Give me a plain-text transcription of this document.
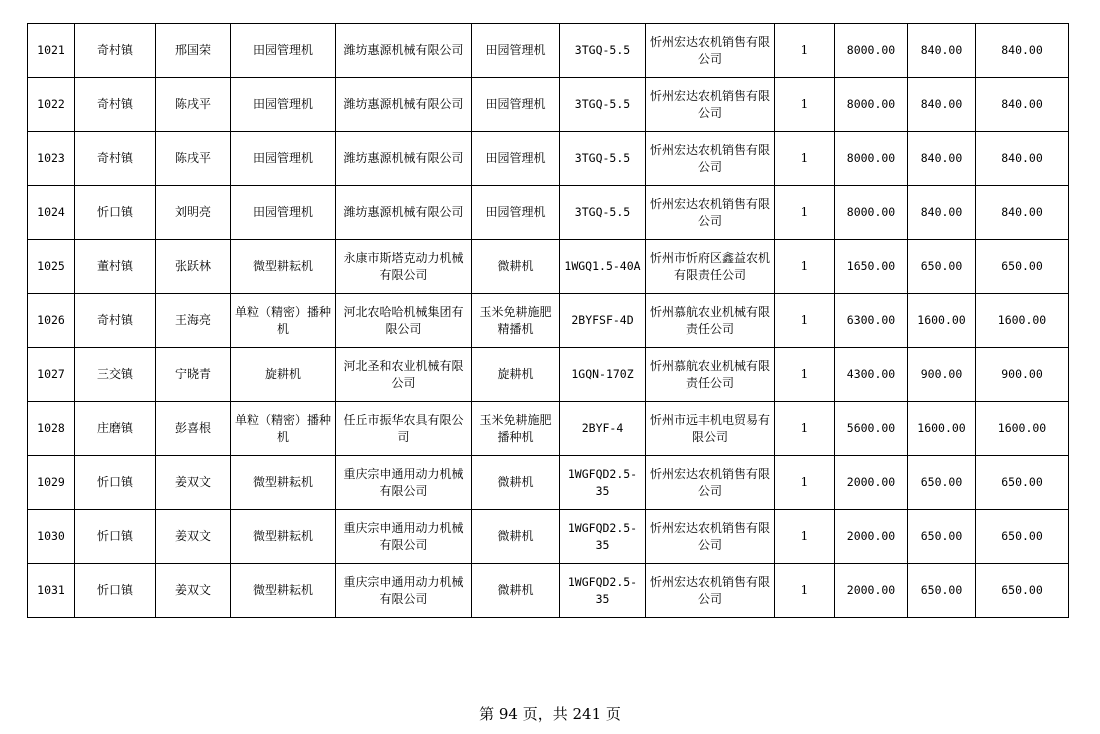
1021	奇村镇	邢国荣	田园管理机	潍坊惠源机械有限公司	田园管理机	3TGQ-5.5	忻州宏达农机销售有限公司	1	8000.00	840.00	840.00
1022	奇村镇	陈戌平	田园管理机	潍坊惠源机械有限公司	田园管理机	3TGQ-5.5	忻州宏达农机销售有限公司	1	8000.00	840.00	840.00
1023	奇村镇	陈戌平	田园管理机	潍坊惠源机械有限公司	田园管理机	3TGQ-5.5	忻州宏达农机销售有限公司	1	8000.00	840.00	840.00
1024	忻口镇	刘明亮	田园管理机	潍坊惠源机械有限公司	田园管理机	3TGQ-5.5	忻州宏达农机销售有限公司	1	8000.00	840.00	840.00
1025	董村镇	张跃林	微型耕耘机	永康市斯塔克动力机械有限公司	微耕机	1WGQ1.5-40A	忻州市忻府区鑫益农机有限责任公司	1	1650.00	650.00	650.00
1026	奇村镇	王海亮	单粒（精密）播种机	河北农哈哈机械集团有限公司	玉米免耕施肥精播机	2BYFSF-4D	忻州慕航农业机械有限责任公司	1	6300.00	1600.00	1600.00
1027	三交镇	宁晓青	旋耕机	河北圣和农业机械有限公司	旋耕机	1GQN-170Z	忻州慕航农业机械有限责任公司	1	4300.00	900.00	900.00
1028	庄磨镇	彭喜根	单粒（精密）播种机	任丘市振华农具有限公司	玉米免耕施肥播种机	2BYF-4	忻州市远丰机电贸易有限公司	1	5600.00	1600.00	1600.00
1029	忻口镇	姜双文	微型耕耘机	重庆宗申通用动力机械有限公司	微耕机	1WGFQD2.5-35	忻州宏达农机销售有限公司	1	2000.00	650.00	650.00
1030	忻口镇	姜双文	微型耕耘机	重庆宗申通用动力机械有限公司	微耕机	1WGFQD2.5-35	忻州宏达农机销售有限公司	1	2000.00	650.00	650.00
1031	忻口镇	姜双文	微型耕耘机	重庆宗申通用动力机械有限公司	微耕机	1WGFQD2.5-35	忻州宏达农机销售有限公司	1	2000.00	650.00	650.00
第 94 页，共 241 页
